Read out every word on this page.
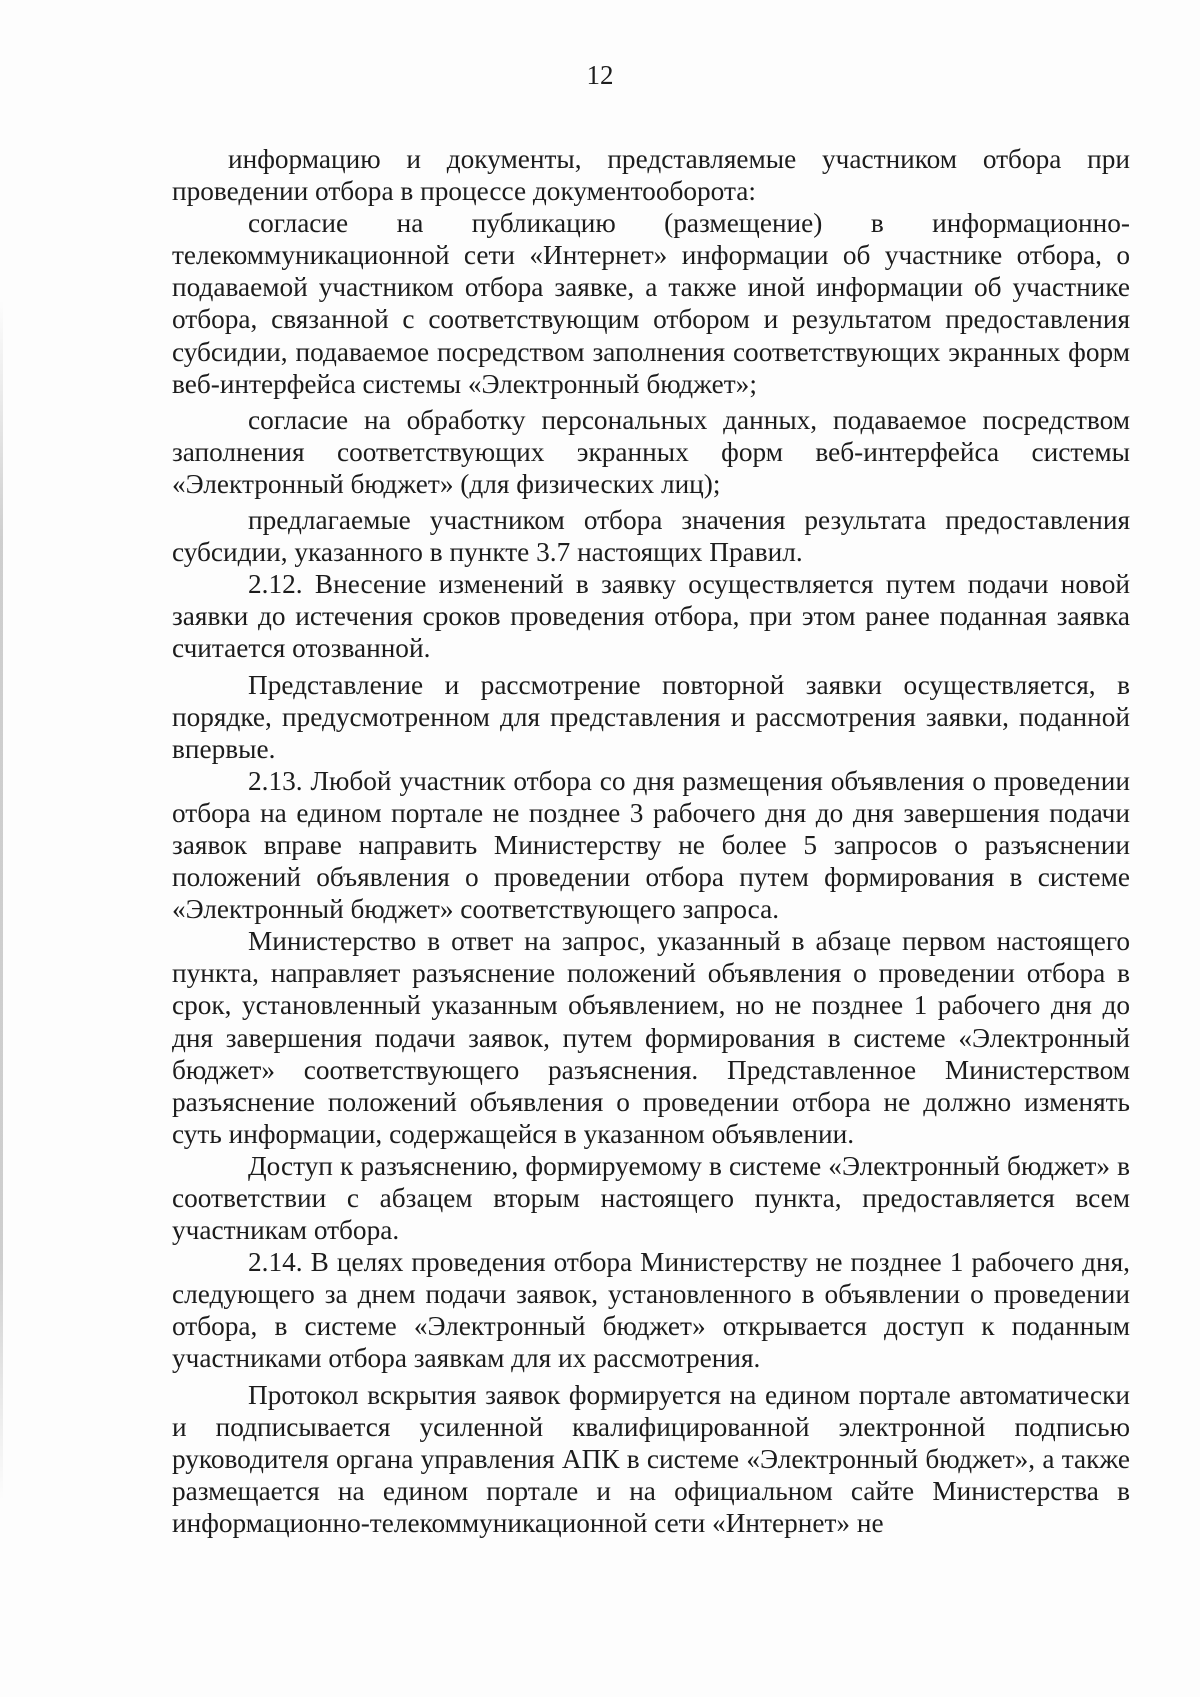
12

информацию и документы, представляемые участником отбора при проведении отбора в процессе документооборота:

согласие на публикацию (размещение) в информационно-телекоммуникационной сети «Интернет» информации об участнике отбора, о подаваемой участником отбора заявке, а также иной информации об участнике отбора, связанной с соответствующим отбором и результатом предоставления субсидии, подаваемое посредством заполнения соответствующих экранных форм веб-интерфейса системы «Электронный бюджет»;

согласие на обработку персональных данных, подаваемое посредством заполнения соответствующих экранных форм веб-интерфейса системы «Электронный бюджет» (для физических лиц);

предлагаемые участником отбора значения результата предоставления субсидии, указанного в пункте 3.7 настоящих Правил.

2.12. Внесение изменений в заявку осуществляется путем подачи новой заявки до истечения сроков проведения отбора, при этом ранее поданная заявка считается отозванной.

Представление и рассмотрение повторной заявки осуществляется, в порядке, предусмотренном для представления и рассмотрения заявки, поданной впервые.

2.13. Любой участник отбора со дня размещения объявления о проведении отбора на едином портале не позднее 3 рабочего дня до дня завершения подачи заявок вправе направить Министерству не более 5 запросов о разъяснении положений объявления о проведении отбора путем формирования в системе «Электронный бюджет» соответствующего запроса.

Министерство в ответ на запрос, указанный в абзаце первом настоящего пункта, направляет разъяснение положений объявления о проведении отбора в срок, установленный указанным объявлением, но не позднее 1 рабочего дня до дня завершения подачи заявок, путем формирования в системе «Электронный бюджет» соответствующего разъяснения. Представленное Министерством разъяснение положений объявления о проведении отбора не должно изменять суть информации, содержащейся в указанном объявлении.

Доступ к разъяснению, формируемому в системе «Электронный бюджет» в соответствии с абзацем вторым настоящего пункта, предоставляется всем участникам отбора.

2.14. В целях проведения отбора Министерству не позднее 1 рабочего дня, следующего за днем подачи заявок, установленного в объявлении о проведении отбора, в системе «Электронный бюджет» открывается доступ к поданным участниками отбора заявкам для их рассмотрения.

Протокол вскрытия заявок формируется на едином портале автоматически и подписывается усиленной квалифицированной электронной подписью руководителя органа управления АПК в системе «Электронный бюджет», а также размещается на едином портале и на официальном сайте Министерства в информационно-телекоммуникационной сети «Интернет» не
